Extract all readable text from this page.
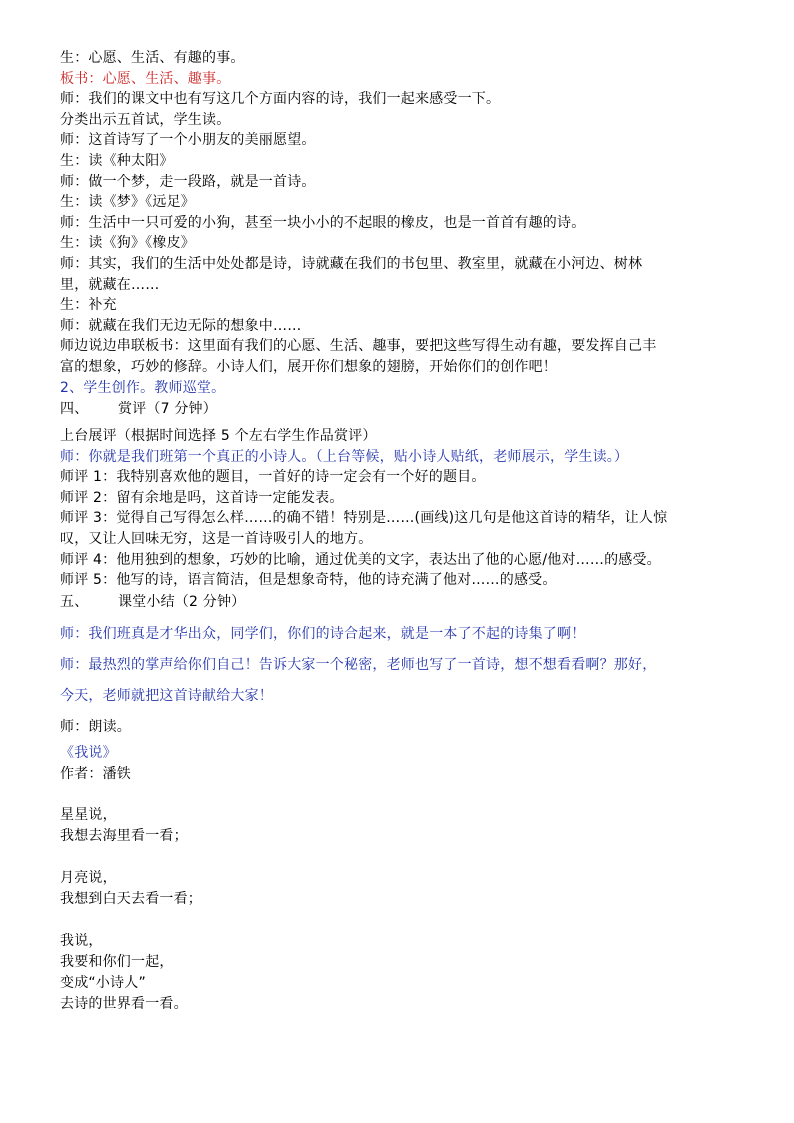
生：心愿、生活、有趣的事。
板书：心愿、生活、趣事。
师：我们的课文中也有写这几个方面内容的诗，我们一起来感受一下。
分类出示五首试，学生读。
师：这首诗写了一个小朋友的美丽愿望。
生：读《种太阳》
师：做一个梦，走一段路，就是一首诗。
生：读《梦》《远足》
师：生活中一只可爱的小狗，甚至一块小小的不起眼的橡皮，也是一首首有趣的诗。
生：读《狗》《橡皮》
师：其实，我们的生活中处处都是诗，诗就藏在我们的书包里、教室里，就藏在小河边、树林
里，就藏在……
生：补充
师：就藏在我们无边无际的想象中……
师边说边串联板书：这里面有我们的心愿、生活、趣事，要把这些写得生动有趣，要发挥自己丰
富的想象，巧妙的修辞。小诗人们，展开你们想象的翅膀，开始你们的创作吧！
2、学生创作。教师巡堂。
四、 赏评（7 分钟）
上台展评（根据时间选择 5 个左右学生作品赏评）
师：你就是我们班第一个真正的小诗人。（上台等候，贴小诗人贴纸，老师展示，学生读。）
师评 1：我特别喜欢他的题目，一首好的诗一定会有一个好的题目。
师评 2：留有余地是吗，这首诗一定能发表。
师评 3：觉得自己写得怎么样……的确不错！特别是……(画线)这几句是他这首诗的精华，让人惊
叹，又让人回味无穷，这是一首诗吸引人的地方。
师评 4：他用独到的想象，巧妙的比喻，通过优美的文字，表达出了他的心愿/他对……的感受。
师评 5：他写的诗，语言简洁，但是想象奇特，他的诗充满了他对……的感受。
五、 课堂小结（2 分钟）
师：我们班真是才华出众，同学们，你们的诗合起来，就是一本了不起的诗集了啊！
师：最热烈的掌声给你们自己！告诉大家一个秘密，老师也写了一首诗，想不想看看啊？那好，
今天，老师就把这首诗献给大家！
师：朗读。
《我说》
作者：潘铁
星星说，
我想去海里看一看；
月亮说，
我想到白天去看一看；
我说，
我要和你们一起，
变成“小诗人”
去诗的世界看一看。
